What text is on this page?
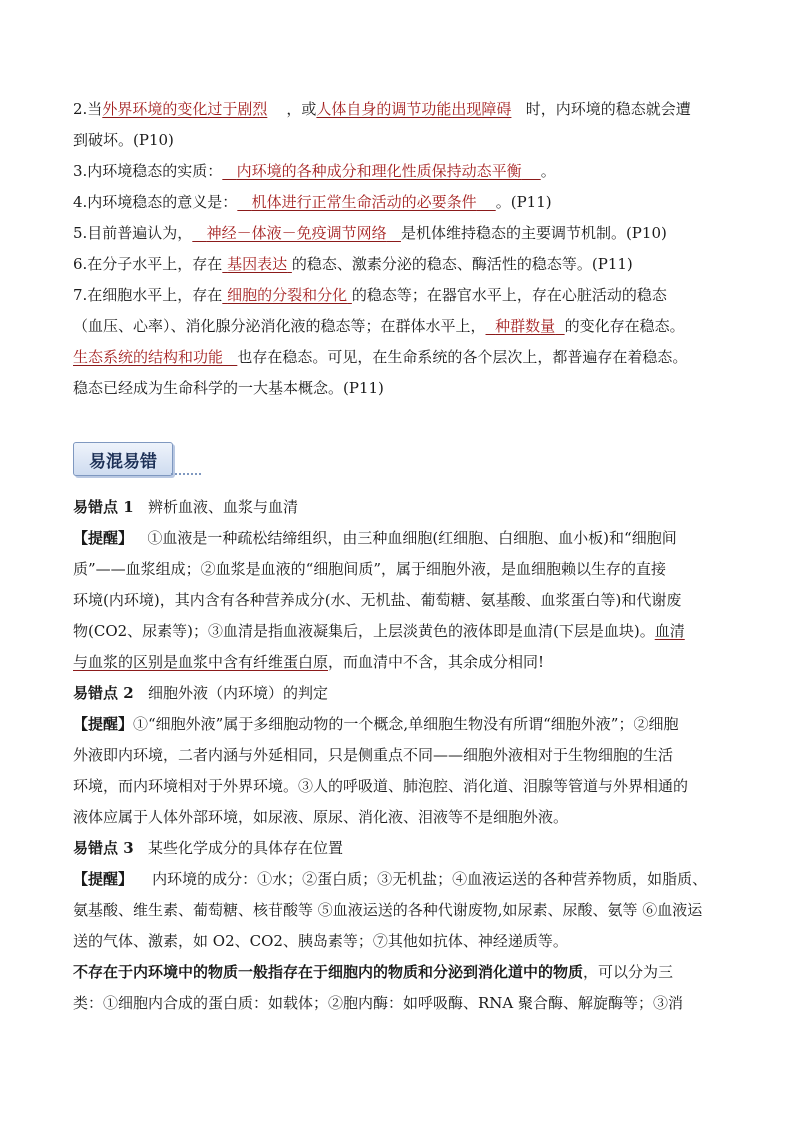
2.当外界环境的变化过于剧烈 ，或人体自身的调节功能出现障碍 时，内环境的稳态就会遭
到破坏。(P10)
3.内环境稳态的实质： 内环境的各种成分和理化性质保持动态平衡 。
4.内环境稳态的意义是： 机体进行正常生命活动的必要条件 。(P11)
5.目前普遍认为， 神经－体液－免疫调节网络 是机体维持稳态的主要调节机制。(P10)
6.在分子水平上，存在 基因表达 的稳态、激素分泌的稳态、酶活性的稳态等。(P11)
7.在细胞水平上，存在 细胞的分裂和分化 的稳态等；在器官水平上，存在心脏活动的稳态
（血压、心率）、消化腺分泌消化液的稳态等；在群体水平上， 种群数量 的变化存在稳态。
生态系统的结构和功能 也存在稳态。可见，在生命系统的各个层次上，都普遍存在着稳态。
稳态已经成为生命科学的一大基本概念。(P11)
易混易错
易错点 1 辨析血液、血浆与血清
【提醒】 ①血液是一种疏松结缔组织，由三种血细胞(红细胞、白细胞、血小板)和“细胞间
质”——血浆组成；②血浆是血液的“细胞间质”，属于细胞外液，是血细胞赖以生存的直接
环境(内环境)，其内含有各种营养成分(水、无机盐、葡萄糖、氨基酸、血浆蛋白等)和代谢废
物(CO2、尿素等)；③血清是指血液凝集后，上层淡黄色的液体即是血清(下层是血块)。血清
与血浆的区别是血浆中含有纤维蛋白原，而血清中不含，其余成分相同!
易错点 2 细胞外液（内环境）的判定
【提醒】①“细胞外液”属于多细胞动物的一个概念,单细胞生物没有所谓“细胞外液”；②细胞
外液即内环境，二者内涵与外延相同，只是侧重点不同——细胞外液相对于生物细胞的生活
环境，而内环境相对于外界环境。③人的呼吸道、肺泡腔、消化道、泪腺等管道与外界相通的
液体应属于人体外部环境，如尿液、原尿、消化液、泪液等不是细胞外液。
易错点 3 某些化学成分的具体存在位置
【提醒】 内环境的成分：①水；②蛋白质；③无机盐；④血液运送的各种营养物质，如脂质、
氨基酸、维生素、葡萄糖、核苷酸等 ⑤血液运送的各种代谢废物,如尿素、尿酸、氨等 ⑥血液运
送的气体、激素，如 O2、CO2、胰岛素等；⑦其他如抗体、神经递质等。
不存在于内环境中的物质一般指存在于细胞内的物质和分泌到消化道中的物质，可以分为三
类：①细胞内合成的蛋白质：如载体；②胞内酶：如呼吸酶、RNA 聚合酶、解旋酶等；③消
